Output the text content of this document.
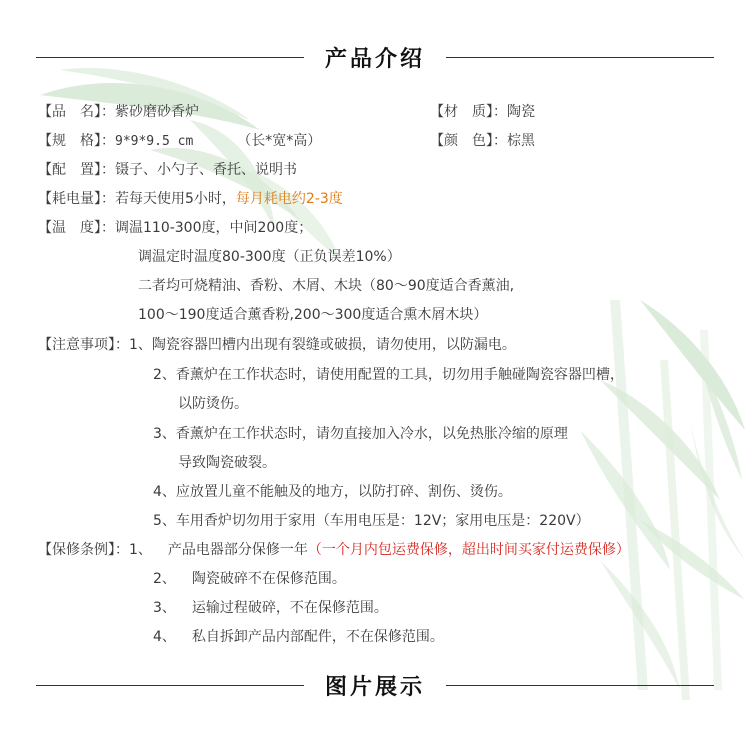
产品介绍
【品　名】：紫砂磨砂香炉	【材　质】：陶瓷
【规　格】：9*9*9.5 cm	（长*宽*高）	【颜　色】：棕黑
【配　置】：镊子、小勺子、香托、说明书
【耗电量】：若每天使用5小时，每月耗电约2-3度
【温　度】：调温110-300度，中间200度；
调温定时温度80-300度（正负误差10%）
二者均可烧精油、香粉、木屑、木块（80～90度适合香薰油,
100～190度适合薰香粉,200～300度适合熏木屑木块）
【注意事项】：1、陶瓷容器凹槽内出现有裂缝或破损，请勿使用，以防漏电。
2、香薰炉在工作状态时，请使用配置的工具，切勿用手触碰陶瓷容器凹槽，
以防烫伤。
3、香薰炉在工作状态时，请勿直接加入冷水，以免热胀冷缩的原理
导致陶瓷破裂。
4、应放置儿童不能触及的地方，以防打碎、割伤、烫伤。
5、车用香炉切勿用于家用（车用电压是：12V；家用电压是：220V）
【保修条例】：1、 产品电器部分保修一年（一个月内包运费保修，超出时间买家付运费保修）
2、 陶瓷破碎不在保修范围。
3、 运输过程破碎，不在保修范围。
4、 私自拆卸产品内部配件，不在保修范围。
图片展示
